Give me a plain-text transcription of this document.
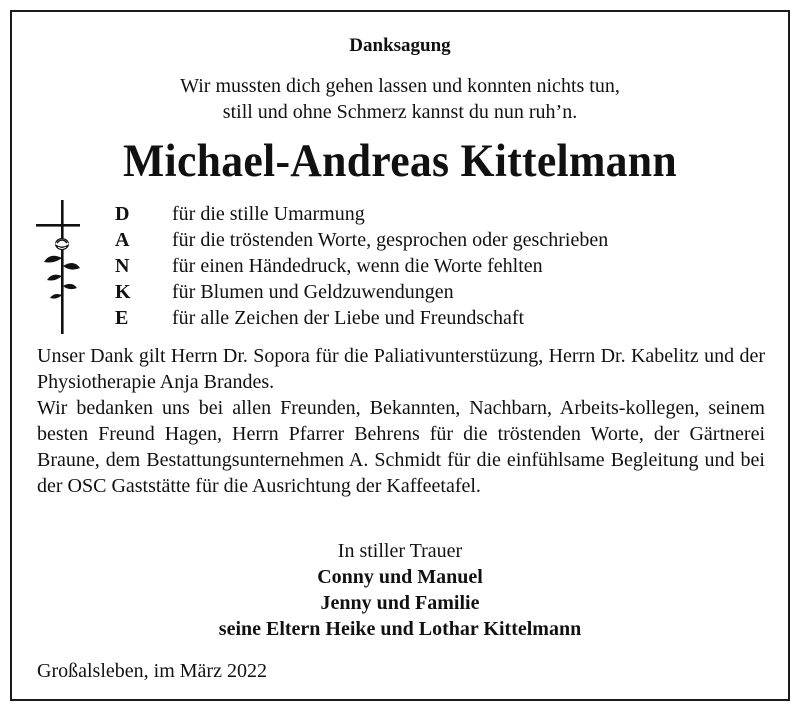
Danksagung
Wir mussten dich gehen lassen und konnten nichts tun,
still und ohne Schmerz kannst du nun ruh’n.
Michael-Andreas Kittelmann
D	für die stille Umarmung
A	für die tröstenden Worte, gesprochen oder geschrieben
N	für einen Händedruck, wenn die Worte fehlten
K	für Blumen und Geldzuwendungen
E	für alle Zeichen der Liebe und Freundschaft

Unser Dank gilt Herrn Dr. Sopora für die Paliativunterstüzung, Herrn Dr. Kabelitz und der Physiotherapie Anja Brandes.

Wir bedanken uns bei allen Freunden, Bekannten, Nachbarn, Arbeits-kollegen, seinem besten Freund Hagen, Herrn Pfarrer Behrens für die tröstenden Worte, der Gärtnerei Braune, dem Bestattungsunternehmen A. Schmidt für die einfühlsame Begleitung und bei der OSC Gaststätte für die Ausrichtung der Kaffeetafel.

In stiller Trauer
Conny und Manuel
Jenny und Familie
seine Eltern Heike und Lothar Kittelmann
Großalsleben, im März 2022
